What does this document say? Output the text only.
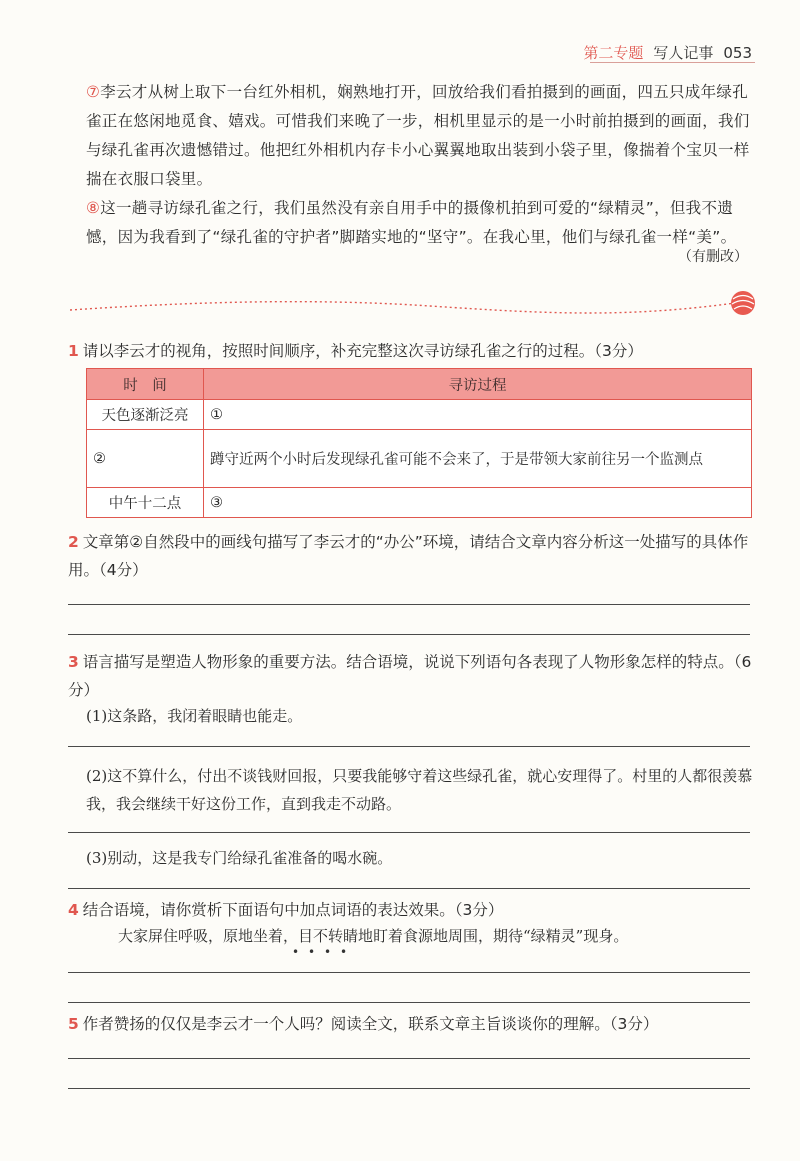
第二专题 写人记事 053
⑦李云才从树上取下一台红外相机，娴熟地打开，回放给我们看拍摄到的画面，四五只成年绿孔雀正在悠闲地觅食、嬉戏。可惜我们来晚了一步，相机里显示的是一小时前拍摄到的画面，我们与绿孔雀再次遗憾错过。他把红外相机内存卡小心翼翼地取出装到小袋子里，像揣着个宝贝一样揣在衣服口袋里。
⑧这一趟寻访绿孔雀之行，我们虽然没有亲自用手中的摄像机拍到可爱的“绿精灵”，但我不遗憾，因为我看到了“绿孔雀的守护者”脚踏实地的“坚守”。在我心里，他们与绿孔雀一样“美”。
（有删改）
1 请以李云才的视角，按照时间顺序，补充完整这次寻访绿孔雀之行的过程。（3分）
时　间	寻访过程
天色逐渐泛亮	①
②	蹲守近两个小时后发现绿孔雀可能不会来了，于是带领大家前往另一个监测点
中午十二点	③
2 文章第②自然段中的画线句描写了李云才的“办公”环境，请结合文章内容分析这一处描写的具体作用。（4分）
3 语言描写是塑造人物形象的重要方法。结合语境，说说下列语句各表现了人物形象怎样的特点。（6分）
(1)这条路，我闭着眼睛也能走。
(2)这不算什么，付出不谈钱财回报，只要我能够守着这些绿孔雀，就心安理得了。村里的人都很羡慕我，我会继续干好这份工作，直到我走不动路。
(3)别动，这是我专门给绿孔雀准备的喝水碗。
4 结合语境，请你赏析下面语句中加点词语的表达效果。（3分）
大家屏住呼吸，原地坐着，目不转睛地盯着食源地周围，期待“绿精灵”现身。
• • • •
5 作者赞扬的仅仅是李云才一个人吗？阅读全文，联系文章主旨谈谈你的理解。（3分）
